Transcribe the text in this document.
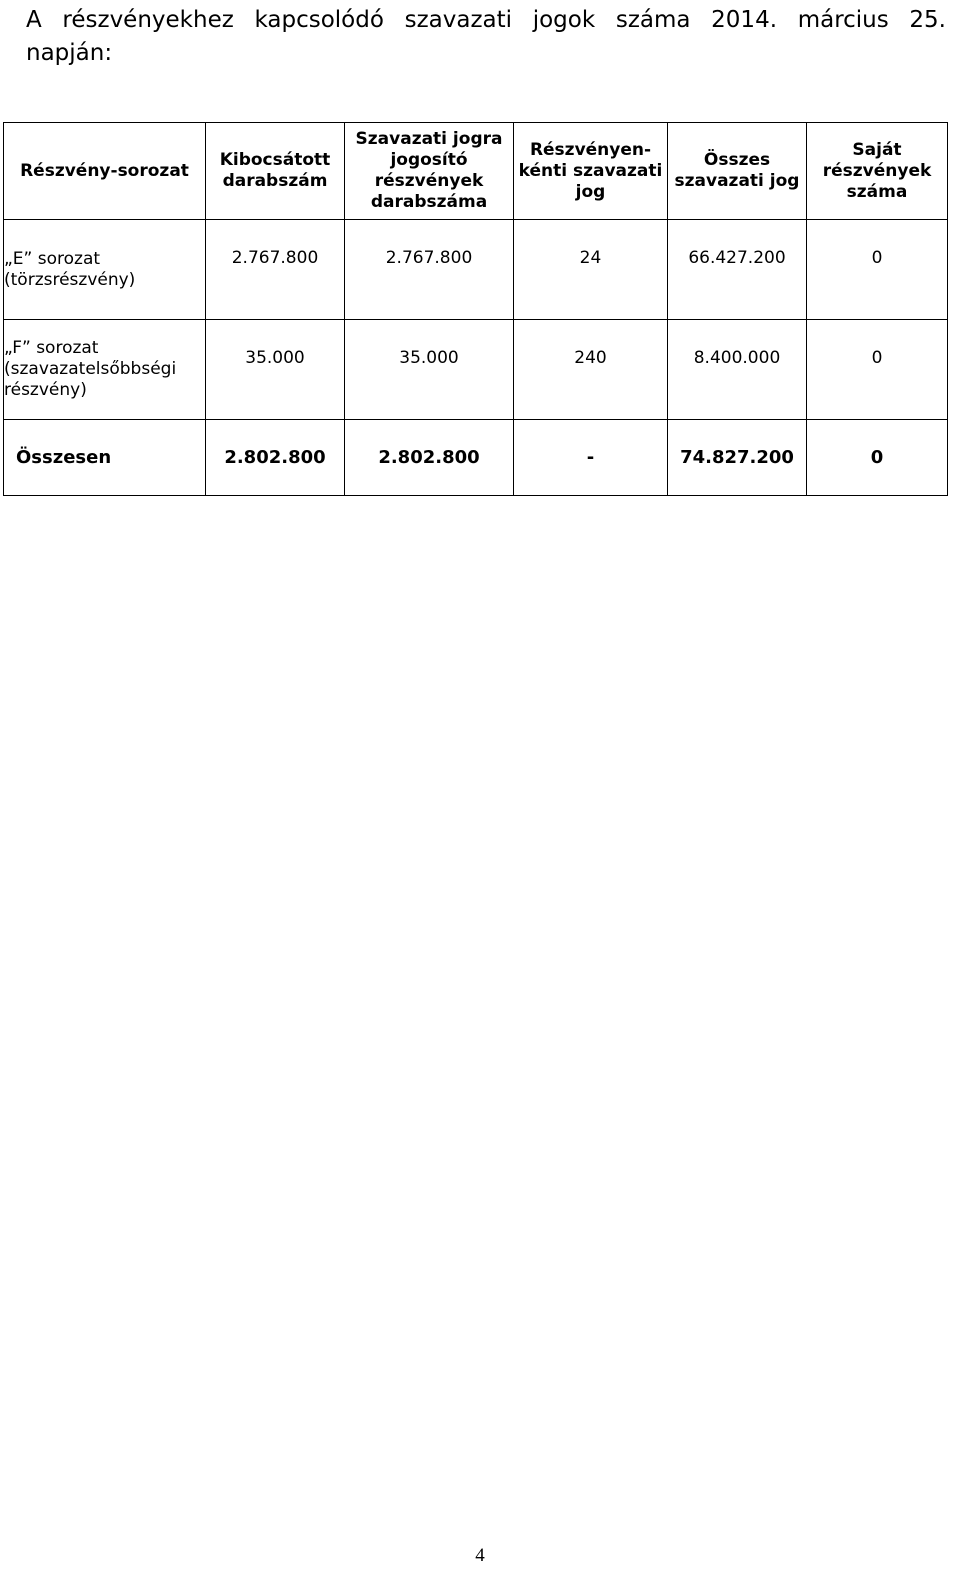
A részvényekhez kapcsolódó szavazati jogok száma 2014. március 25. napján:
Részvény-sorozat	Kibocsátott darabszám	Szavazati jogra jogosító részvények darabszáma	Részvényen-kénti szavazati jog	Összes szavazati jog	Saját részvények száma
„E” sorozat (törzsrészvény)	2.767.800	2.767.800	24	66.427.200	0
„F” sorozat (szavazatelsőbbségi részvény)	35.000	35.000	240	8.400.000	0
Összesen	2.802.800	2.802.800	-	74.827.200	0
4
